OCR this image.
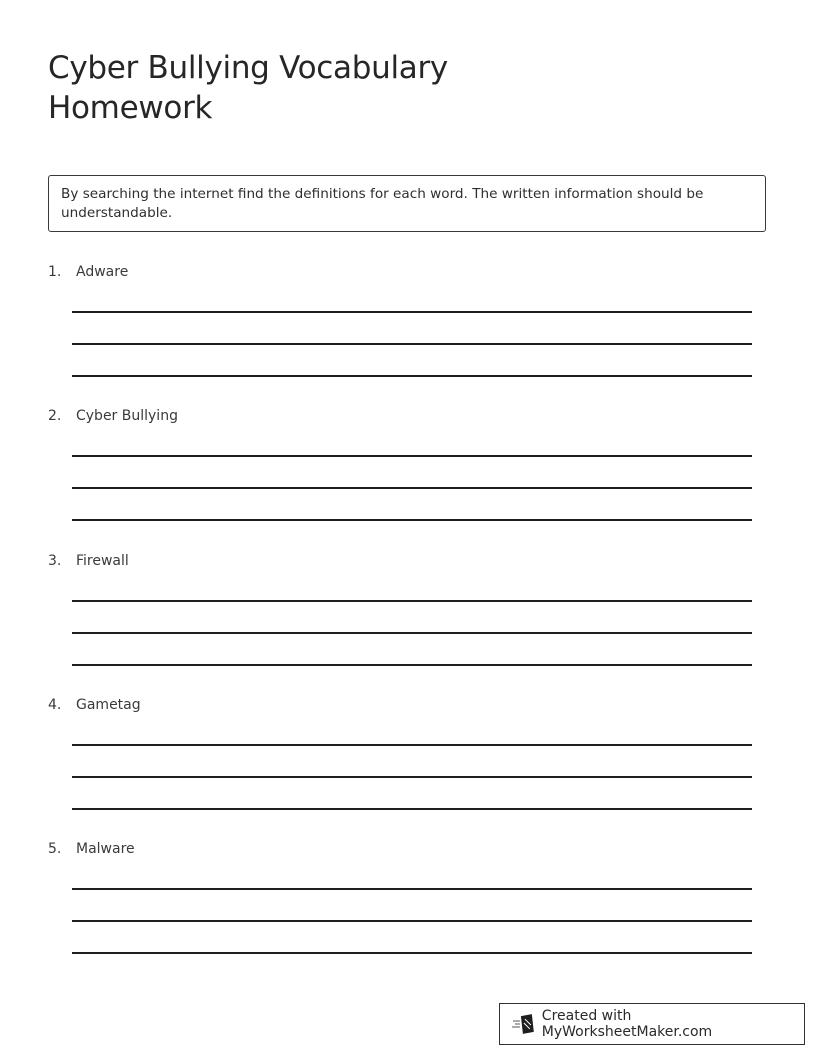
Cyber Bullying Vocabulary
Homework
By searching the internet find the definitions for each word. The written information should be understandable.
1. Adware
2. Cyber Bullying
3. Firewall
4. Gametag
5. Malware
Created with MyWorksheetMaker.com
